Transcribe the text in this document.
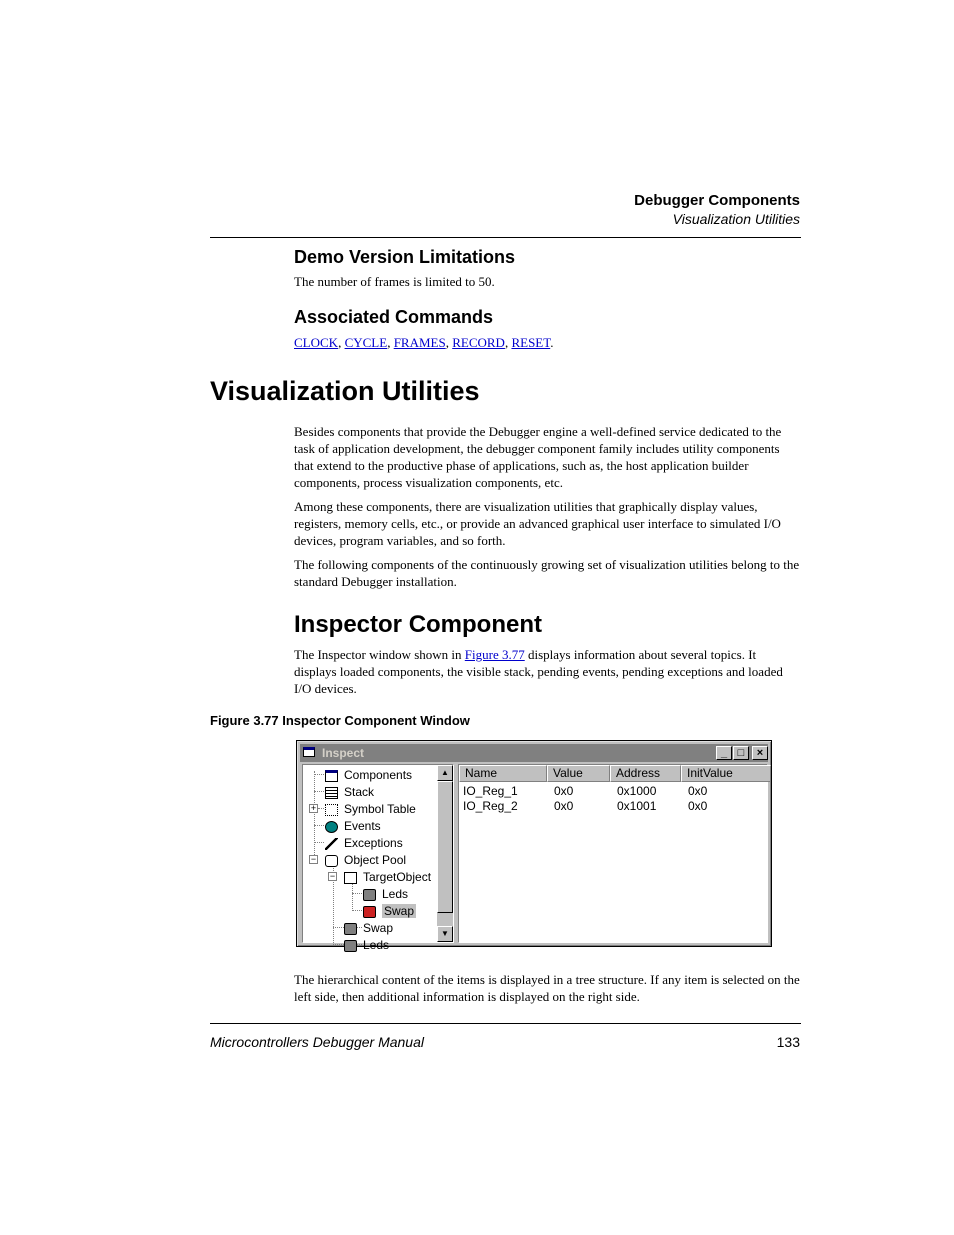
Debugger Components
Visualization Utilities
Demo Version Limitations
The number of frames is limited to 50.
Associated Commands
CLOCK, CYCLE, FRAMES, RECORD, RESET.
Visualization Utilities
Besides components that provide the Debugger engine a well-defined service dedicated to the task of application development, the debugger component family includes utility components that extend to the productive phase of applications, such as, the host application builder components, process visualization components, etc.
Among these components, there are visualization utilities that graphically display values, registers, memory cells, etc., or provide an advanced graphical user interface to simulated I/O devices, program variables, and so forth.
The following components of the continuously growing set of visualization utilities belong to the standard Debugger installation.
Inspector Component
The Inspector window shown in Figure 3.77 displays information about several topics. It displays loaded components, the visible stack, pending events, pending exceptions and loaded I/O devices.
Figure 3.77 Inspector Component Window
Inspect	_ □	×
+
−
−
Components
Stack
Symbol Table
Events
Exceptions
Object Pool
TargetObject
Leds
Swap
Swap
Leds
▲
▼
Name	Value	Address	InitValue
IO_Reg_1	0x0	0x1000	0x0
IO_Reg_2	0x0	0x1001	0x0
The hierarchical content of the items is displayed in a tree structure. If any item is selected on the left side, then additional information is displayed on the right side.
Microcontrollers Debugger Manual	133
